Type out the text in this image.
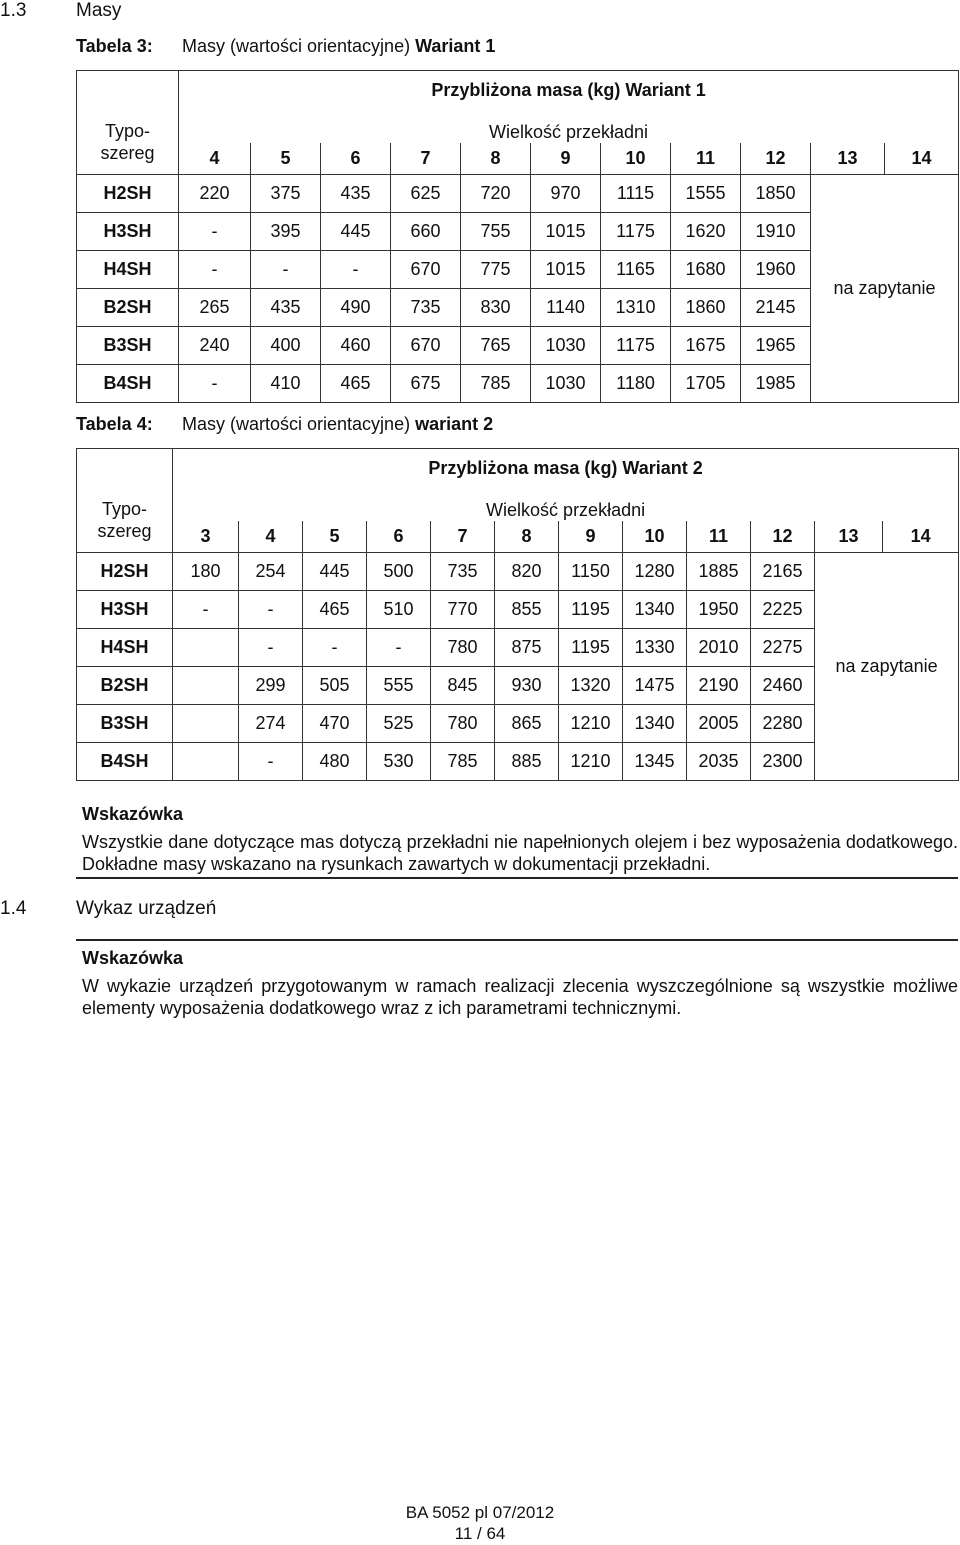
1.3	Masy
Tabela 3: Masy (wartości orientacyjne) Wariant 1
	Przybliżona masa (kg) Wariant 1										
Typo-
szereg	Wielkość przekładni										
	4	5	6	7	8	9	10	11	12	13	14
H2SH	220	375	435	625	720	970	1115	1555	1850	na zapytanie	
H3SH	-	395	445	660	755	1015	1175	1620	1910		
H4SH	-	-	-	670	775	1015	1165	1680	1960		
B2SH	265	435	490	735	830	1140	1310	1860	2145		
B3SH	240	400	460	670	765	1030	1175	1675	1965		
B4SH	-	410	465	675	785	1030	1180	1705	1985		
Tabela 4: Masy (wartości orientacyjne) wariant 2
	Przybliżona masa (kg) Wariant 2											
Typo-
szereg	Wielkość przekładni											
	3	4	5	6	7	8	9	10	11	12	13	14
H2SH	180	254	445	500	735	820	1150	1280	1885	2165	na zapytanie	
H3SH	-	-	465	510	770	855	1195	1340	1950	2225		
H4SH		-	-	-	780	875	1195	1330	2010	2275		
B2SH		299	505	555	845	930	1320	1475	2190	2460		
B3SH		274	470	525	780	865	1210	1340	2005	2280		
B4SH		-	480	530	785	885	1210	1345	2035	2300		
Wskazówka
Wszystkie dane dotyczące mas dotyczą przekładni nie napełnionych olejem i bez wyposażenia dodatkowego. Dokładne masy wskazano na rysunkach zawartych w dokumentacji przekładni.
1.4	Wykaz urządzeń
Wskazówka
W wykazie urządzeń przygotowanym w ramach realizacji zlecenia wyszczególnione są wszystkie możliwe elementy wyposażenia dodatkowego wraz z ich parametrami technicznymi.
BA 5052 pl 07/2012
11 / 64
